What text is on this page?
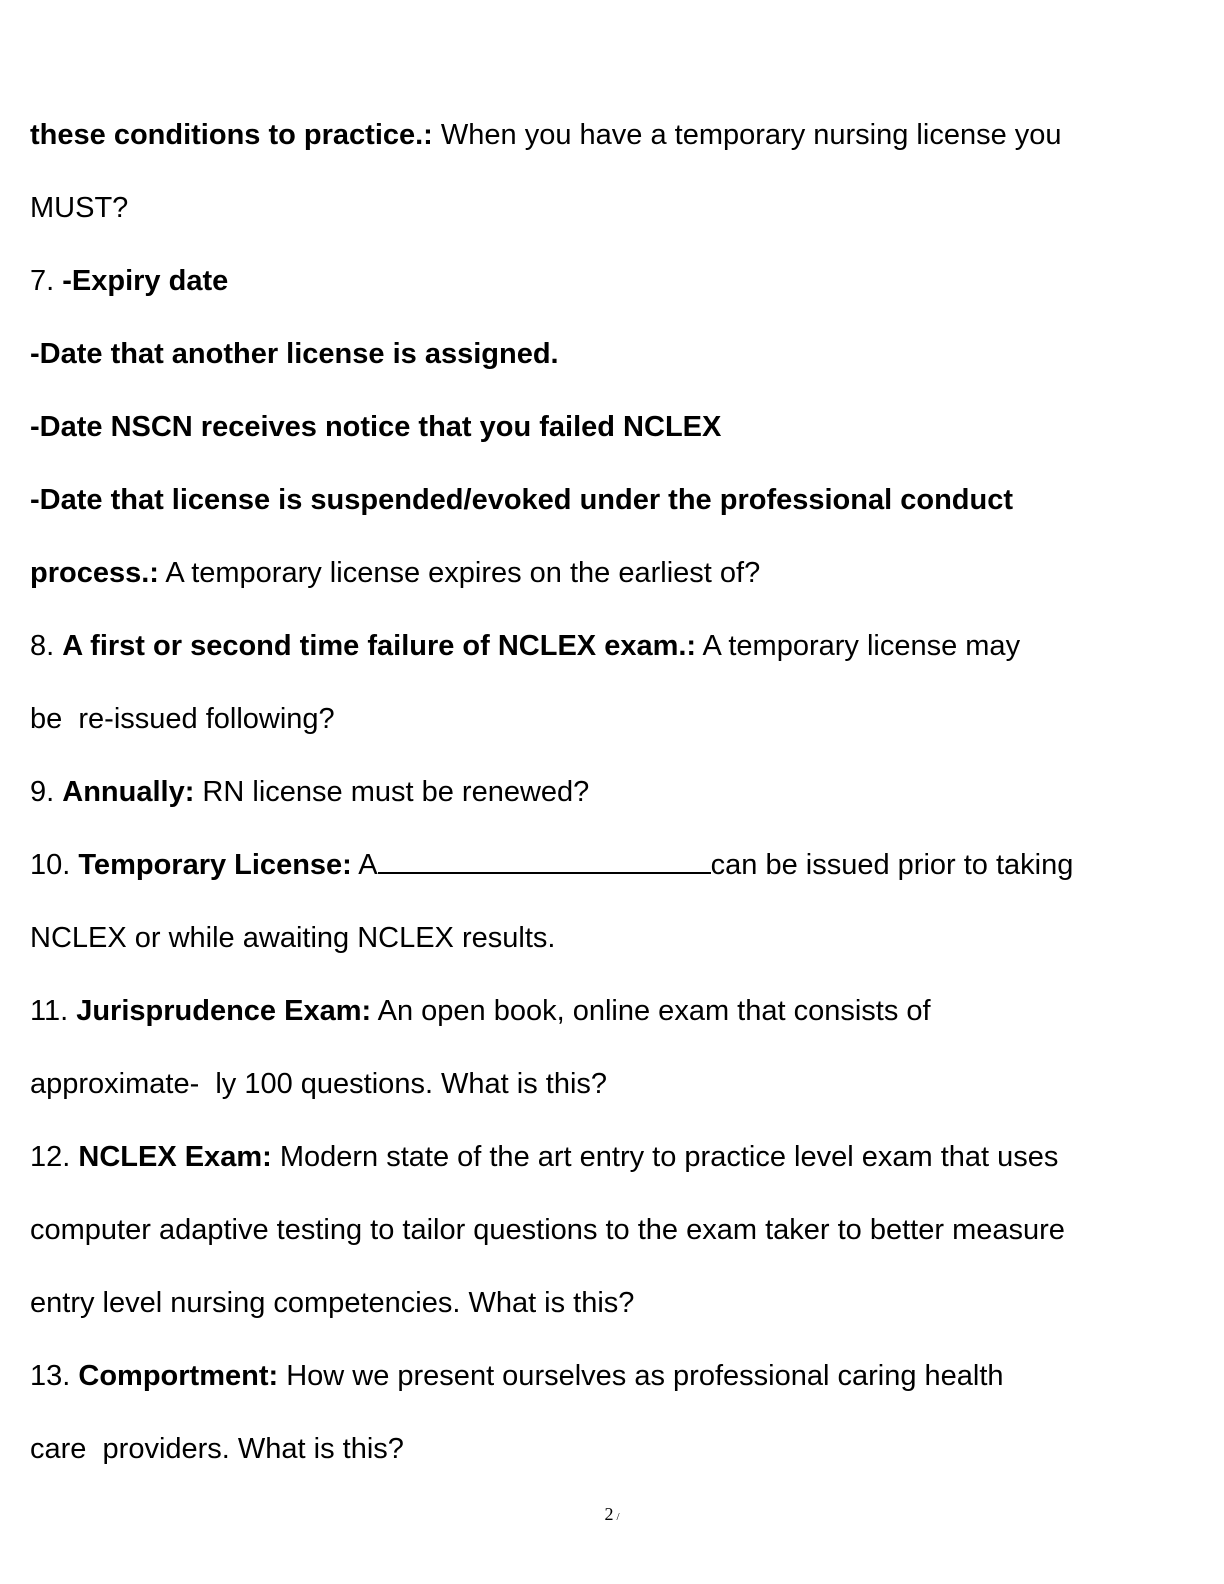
these conditions to practice.: When you have a temporary nursing license you
MUST?
7. -Expiry date
-Date that another license is assigned.
-Date NSCN receives notice that you failed NCLEX
-Date that license is suspended/evoked under the professional conduct
process.: A temporary license expires on the earliest of?
8. A first or second time failure of NCLEX exam.: A temporary license may
be  re-issued following?
9. Annually: RN license must be renewed?
10. Temporary License: A	can be issued prior to taking
NCLEX or while awaiting NCLEX results.
11. Jurisprudence Exam: An open book, online exam that consists of
approximate-  ly 100 questions. What is this?
12. NCLEX Exam: Modern state of the art entry to practice level exam that uses
computer adaptive testing to tailor questions to the exam taker to better measure
entry level nursing competencies. What is this?
13. Comportment: How we present ourselves as professional caring health
care  providers. What is this?
2 /
